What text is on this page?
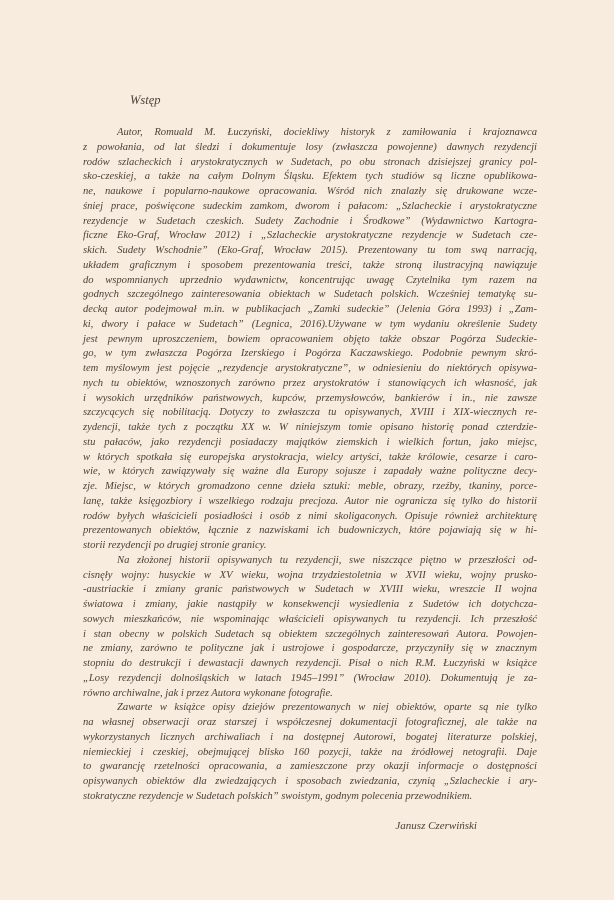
Wstęp
Autor, Romuald M. Łuczyński, dociekliwy historyk z zamiłowania i krajoznawca
z powołania, od lat śledzi i dokumentuje losy (zwłaszcza powojenne) dawnych rezydencji
rodów szlacheckich i arystokratycznych w Sudetach, po obu stronach dzisiejszej granicy pol-
sko-czeskiej, a także na całym Dolnym Śląsku. Efektem tych studiów są liczne opublikowa-
ne, naukowe i popularno-naukowe opracowania. Wśród nich znalazły się drukowane wcze-
śniej prace, poświęcone sudeckim zamkom, dworom i pałacom: „Szlacheckie i arystokratyczne
rezydencje w Sudetach czeskich. Sudety Zachodnie i Środkowe” (Wydawnictwo Kartogra-
ficzne Eko-Graf, Wrocław 2012) i „Szlacheckie arystokratyczne rezydencje w Sudetach cze-
skich. Sudety Wschodnie” (Eko-Graf, Wrocław 2015). Prezentowany tu tom swą narracją,
układem graficznym i sposobem prezentowania treści, także stroną ilustracyjną nawiązuje
do wspomnianych uprzednio wydawnictw, koncentrując uwagę Czytelnika tym razem na
godnych szczególnego zainteresowania obiektach w Sudetach polskich. Wcześniej tematykę su-
decką autor podejmował m.in. w publikacjach „Zamki sudeckie” (Jelenia Góra 1993) i „Zam-
ki, dwory i pałace w Sudetach” (Legnica, 2016).Używane w tym wydaniu określenie Sudety
jest pewnym uproszczeniem, bowiem opracowaniem objęto także obszar Pogórza Sudeckie-
go, w tym zwłaszcza Pogórza Izerskiego i Pogórza Kaczawskiego. Podobnie pewnym skró-
tem myślowym jest pojęcie „rezydencje arystokratyczne”, w odniesieniu do niektórych opisywa-
nych tu obiektów, wznoszonych zarówno przez arystokratów i stanowiących ich własność, jak
i wysokich urzędników państwowych, kupców, przemysłowców, bankierów i in., nie zawsze
szczycących się nobilitacją. Dotyczy to zwłaszcza tu opisywanych, XVIII i XIX-wiecznych re-
zydencji, także tych z początku XX w. W niniejszym tomie opisano historię ponad czterdzie-
stu pałaców, jako rezydencji posiadaczy majątków ziemskich i wielkich fortun, jako miejsc,
w których spotkała się europejska arystokracja, wielcy artyści, także królowie, cesarze i caro-
wie, w których zawiązywały się ważne dla Europy sojusze i zapadały ważne polityczne decy-
zje. Miejsc, w których gromadzono cenne dzieła sztuki: meble, obrazy, rzeźby, tkaniny, porce-
lanę, także księgozbiory i wszelkiego rodzaju precjoza. Autor nie ogranicza się tylko do historii
rodów byłych właścicieli posiadłości i osób z nimi skoligaconych. Opisuje również architekturę
prezentowanych obiektów, łącznie z nazwiskami ich budowniczych, które pojawiają się w hi-
storii rezydencji po drugiej stronie granicy.
Na złożonej historii opisywanych tu rezydencji, swe niszczące piętno w przeszłości od-
cisnęły wojny: husyckie w XV wieku, wojna trzydziestoletnia w XVII wieku, wojny prusko-
-austriackie i zmiany granic państwowych w Sudetach w XVIII wieku, wreszcie II wojna
światowa i zmiany, jakie nastąpiły w konsekwencji wysiedlenia z Sudetów ich dotychcza-
sowych mieszkańców, nie wspominając właścicieli opisywanych tu rezydencji. Ich przeszłość
i stan obecny w polskich Sudetach są obiektem szczególnych zainteresowań Autora. Powojen-
ne zmiany, zarówno te polityczne jak i ustrojowe i gospodarcze, przyczyniły się w znacznym
stopniu do destrukcji i dewastacji dawnych rezydencji. Pisał o nich R.M. Łuczyński w książce
„Losy rezydencji dolnośląskich w latach 1945–1991” (Wrocław 2010). Dokumentują je za-
równo archiwalne, jak i przez Autora wykonane fotografie.
Zawarte w książce opisy dziejów prezentowanych w niej obiektów, oparte są nie tylko
na własnej obserwacji oraz starszej i współczesnej dokumentacji fotograficznej, ale także na
wykorzystanych licznych archiwaliach i na dostępnej Autorowi, bogatej literaturze polskiej,
niemieckiej i czeskiej, obejmującej blisko 160 pozycji, także na źródłowej netografii. Daje
to gwarancję rzetelności opracowania, a zamieszczone przy okazji informacje o dostępności
opisywanych obiektów dla zwiedzających i sposobach zwiedzania, czynią „Szlacheckie i ary-
stokratyczne rezydencje w Sudetach polskich” swoistym, godnym polecenia przewodnikiem.
Janusz Czerwiński
